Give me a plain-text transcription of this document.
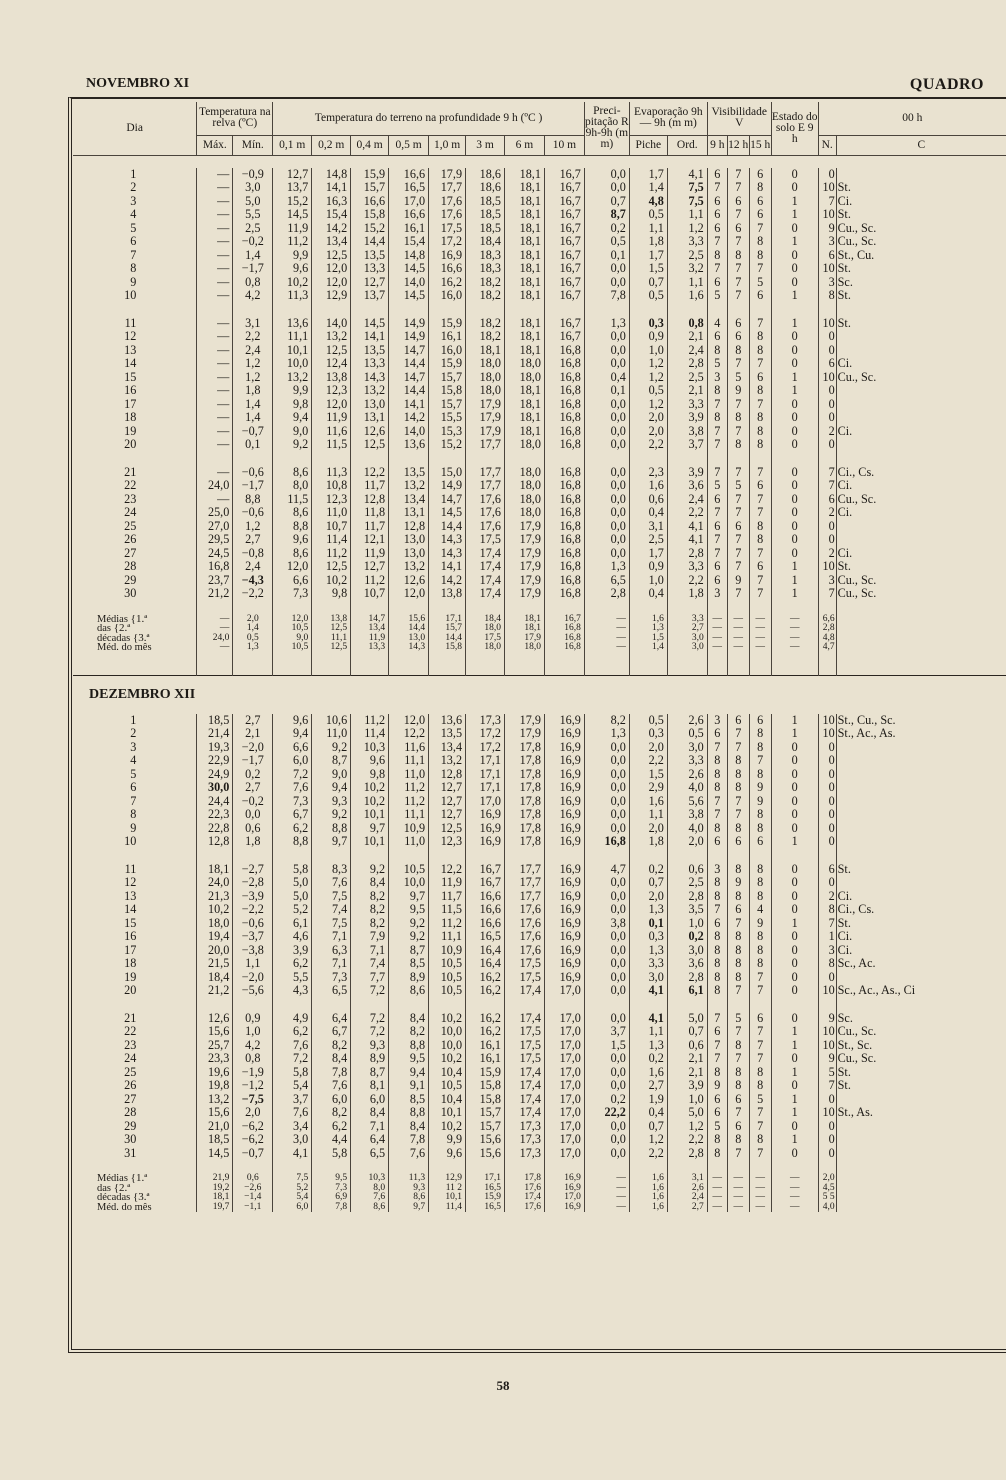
NOVEMBRO XI	QUADRO
Dia	Temperatura na relva (ºC)		Temperatura do terreno na profundidade 9 h (ºC )								Preci- pitação R 9h-9h (m m)	Evaporação 9h — 9h (m m)		Visibilidade V			Estado do solo E 9 h	00 h	
	Máx.	Mín.	0,1 m	0,2 m	0,4 m	0,5 m	1,0 m	3 m	6 m	10 m		Piche	Ord.	9 h	12 h	15 h		N.	C

1	—	−0,9	12,7	14,8	15,9	16,6	17,9	18,6	18,1	16,7	0,0	1,7	4,1	6	7	6	0	0	
2	—	3,0	13,7	14,1	15,7	16,5	17,7	18,6	18,1	16,7	0,0	1,4	7,5	7	7	8	0	10	St.
3	—	5,0	15,2	16,3	16,6	17,0	17,6	18,5	18,1	16,7	0,7	4,8	7,5	6	6	6	1	7	Ci.
4	—	5,5	14,5	15,4	15,8	16,6	17,6	18,5	18,1	16,7	8,7	0,5	1,1	6	7	6	1	10	St.
5	—	2,5	11,9	14,2	15,2	16,1	17,5	18,5	18,1	16,7	0,2	1,1	1,2	6	6	7	0	9	Cu., Sc.
6	—	−0,2	11,2	13,4	14,4	15,4	17,2	18,4	18,1	16,7	0,5	1,8	3,3	7	7	8	1	3	Cu., Sc.
7	—	1,4	9,9	12,5	13,5	14,8	16,9	18,3	18,1	16,7	0,1	1,7	2,5	8	8	8	0	6	St., Cu.
8	—	−1,7	9,6	12,0	13,3	14,5	16,6	18,3	18,1	16,7	0,0	1,5	3,2	7	7	7	0	10	St.
9	—	0,8	10,2	12,0	12,7	14,0	16,2	18,2	18,1	16,7	0,0	0,7	1,1	6	7	5	0	3	Sc.
10	—	4,2	11,3	12,9	13,7	14,5	16,0	18,2	18,1	16,7	7,8	0,5	1,6	5	7	6	1	8	St.

11	—	3,1	13,6	14,0	14,5	14,9	15,9	18,2	18,1	16,7	1,3	0,3	0,8	4	6	7	1	10	St.
12	—	2,2	11,1	13,2	14,1	14,9	16,1	18,2	18,1	16,7	0,0	0,9	2,1	6	6	8	0	0	
13	—	2,4	10,1	12,5	13,5	14,7	16,0	18,1	18,1	16,8	0,0	1,0	2,4	8	8	8	0	0	
14	—	1,2	10,0	12,4	13,3	14,4	15,9	18,0	18,0	16,8	0,0	1,2	2,8	5	7	7	0	6	Ci.
15	—	1,2	13,2	13,8	14,3	14,7	15,7	18,0	18,0	16,8	0,4	1,2	2,5	3	5	6	1	10	Cu., Sc.
16	—	1,8	9,9	12,3	13,2	14,4	15,8	18,0	18,1	16,8	0,1	0,5	2,1	8	9	8	1	0	
17	—	1,4	9,8	12,0	13,0	14,1	15,7	17,9	18,1	16,8	0,0	1,2	3,3	7	7	7	0	0	
18	—	1,4	9,4	11,9	13,1	14,2	15,5	17,9	18,1	16,8	0,0	2,0	3,9	8	8	8	0	0	
19	—	−0,7	9,0	11,6	12,6	14,0	15,3	17,9	18,1	16,8	0,0	2,0	3,8	7	7	8	0	2	Ci.
20	—	0,1	9,2	11,5	12,5	13,6	15,2	17,7	18,0	16,8	0,0	2,2	3,7	7	8	8	0	0	

21	—	−0,6	8,6	11,3	12,2	13,5	15,0	17,7	18,0	16,8	0,0	2,3	3,9	7	7	7	0	7	Ci., Cs.
22	24,0	−1,7	8,0	10,8	11,7	13,2	14,9	17,7	18,0	16,8	0,0	1,6	3,6	5	5	6	0	7	Ci.
23	—	8,8	11,5	12,3	12,8	13,4	14,7	17,6	18,0	16,8	0,0	0,6	2,4	6	7	7	0	6	Cu., Sc.
24	25,0	−0,6	8,6	11,0	11,8	13,1	14,5	17,6	18,0	16,8	0,0	0,4	2,2	7	7	7	0	2	Ci.
25	27,0	1,2	8,8	10,7	11,7	12,8	14,4	17,6	17,9	16,8	0,0	3,1	4,1	6	6	8	0	0	
26	29,5	2,7	9,6	11,4	12,1	13,0	14,3	17,5	17,9	16,8	0,0	2,5	4,1	7	7	8	0	0	
27	24,5	−0,8	8,6	11,2	11,9	13,0	14,3	17,4	17,9	16,8	0,0	1,7	2,8	7	7	7	0	2	Ci.
28	16,8	2,4	12,0	12,5	12,7	13,2	14,1	17,4	17,9	16,8	1,3	0,9	3,3	6	7	6	1	10	St.
29	23,7	−4,3	6,6	10,2	11,2	12,6	14,2	17,4	17,9	16,8	6,5	1,0	2,2	6	9	7	1	3	Cu., Sc.
30	21,2	−2,2	7,3	9,8	10,7	12,0	13,8	17,4	17,9	16,8	2,8	0,4	1,8	3	7	7	1	7	Cu., Sc.

Médias {1.ª	—	2,0	12,0	13,8	14,7	15,6	17,1	18,4	18,1	16,7	—	1,6	3,3	—	—	—	—	6,6	
das {2.ª	—	1,4	10,5	12,5	13,4	14,4	15,7	18,0	18,1	16,8	—	1,3	2,7	—	—	—	—	2,8	
décadas {3.ª	24,0	0,5	9,0	11,1	11,9	13,0	14,4	17,5	17,9	16,8	—	1,5	3,0	—	—	—	—	4,8	
Méd. do mês	—	1,3	10,5	12,5	13,3	14,3	15,8	18,0	18,0	16,8	—	1,4	3,0	—	—	—	—	4,7	

DEZEMBRO XII																			
1	18,5	2,7	9,6	10,6	11,2	12,0	13,6	17,3	17,9	16,9	8,2	0,5	2,6	3	6	6	1	10	St., Cu., Sc.
2	21,4	2,1	9,4	11,0	11,4	12,2	13,5	17,2	17,9	16,9	1,3	0,3	0,5	6	7	8	1	10	St., Ac., As.
3	19,3	−2,0	6,6	9,2	10,3	11,6	13,4	17,2	17,8	16,9	0,0	2,0	3,0	7	7	8	0	0	
4	22,9	−1,7	6,0	8,7	9,6	11,1	13,2	17,1	17,8	16,9	0,0	2,2	3,3	8	8	7	0	0	
5	24,9	0,2	7,2	9,0	9,8	11,0	12,8	17,1	17,8	16,9	0,0	1,5	2,6	8	8	8	0	0	
6	30,0	2,7	7,6	9,4	10,2	11,2	12,7	17,1	17,8	16,9	0,0	2,9	4,0	8	8	9	0	0	
7	24,4	−0,2	7,3	9,3	10,2	11,2	12,7	17,0	17,8	16,9	0,0	1,6	5,6	7	7	9	0	0	
8	22,3	0,0	6,7	9,2	10,1	11,1	12,7	16,9	17,8	16,9	0,0	1,1	3,8	7	7	8	0	0	
9	22,8	0,6	6,2	8,8	9,7	10,9	12,5	16,9	17,8	16,9	0,0	2,0	4,0	8	8	8	0	0	
10	12,8	1,8	8,8	9,7	10,1	11,0	12,3	16,9	17,8	16,9	16,8	1,8	2,0	6	6	6	1	0	

11	18,1	−2,7	5,8	8,3	9,2	10,5	12,2	16,7	17,7	16,9	4,7	0,2	0,6	3	8	8	0	6	St.
12	24,0	−2,8	5,0	7,6	8,4	10,0	11,9	16,7	17,7	16,9	0,0	0,7	2,5	8	9	8	0	0	
13	21,3	−3,9	5,0	7,5	8,2	9,7	11,7	16,6	17,7	16,9	0,0	2,0	2,8	8	8	8	0	2	Ci.
14	10,2	−2,2	5,2	7,4	8,2	9,5	11,5	16,6	17,6	16,9	0,0	1,3	3,5	7	6	4	0	8	Ci., Cs.
15	18,0	−0,6	6,1	7,5	8,2	9,2	11,2	16,6	17,6	16,9	3,8	0,1	1,0	6	7	9	1	7	St.
16	19,4	−3,7	4,6	7,1	7,9	9,2	11,1	16,5	17,6	16,9	0,0	0,3	0,2	8	8	8	0	1	Ci.
17	20,0	−3,8	3,9	6,3	7,1	8,7	10,9	16,4	17,6	16,9	0,0	1,3	3,0	8	8	8	0	3	Ci.
18	21,5	1,1	6,2	7,1	7,4	8,5	10,5	16,4	17,5	16,9	0,0	3,3	3,6	8	8	8	0	8	Sc., Ac.
19	18,4	−2,0	5,5	7,3	7,7	8,9	10,5	16,2	17,5	16,9	0,0	3,0	2,8	8	8	7	0	0	
20	21,2	−5,6	4,3	6,5	7,2	8,6	10,5	16,2	17,4	17,0	0,0	4,1	6,1	8	7	7	0	10	Sc., Ac., As., Ci

21	12,6	0,9	4,9	6,4	7,2	8,4	10,2	16,2	17,4	17,0	0,0	4,1	5,0	7	5	6	0	9	Sc.
22	15,6	1,0	6,2	6,7	7,2	8,2	10,0	16,2	17,5	17,0	3,7	1,1	0,7	6	7	7	1	10	Cu., Sc.
23	25,7	4,2	7,6	8,2	9,3	8,8	10,0	16,1	17,5	17,0	1,5	1,3	0,6	7	8	7	1	10	St., Sc.
24	23,3	0,8	7,2	8,4	8,9	9,5	10,2	16,1	17,5	17,0	0,0	0,2	2,1	7	7	7	0	9	Cu., Sc.
25	19,6	−1,9	5,8	7,8	8,7	9,4	10,4	15,9	17,4	17,0	0,0	1,6	2,1	8	8	8	1	5	St.
26	19,8	−1,2	5,4	7,6	8,1	9,1	10,5	15,8	17,4	17,0	0,0	2,7	3,9	9	8	8	0	7	St.
27	13,2	−7,5	3,7	6,0	6,0	8,5	10,4	15,8	17,4	17,0	0,2	1,9	1,0	6	6	5	1	0	
28	15,6	2,0	7,6	8,2	8,4	8,8	10,1	15,7	17,4	17,0	22,2	0,4	5,0	6	7	7	1	10	St., As.
29	21,0	−6,2	3,4	6,2	7,1	8,4	10,2	15,7	17,3	17,0	0,0	0,7	1,2	5	6	7	0	0	
30	18,5	−6,2	3,0	4,4	6,4	7,8	9,9	15,6	17,3	17,0	0,0	1,2	2,2	8	8	8	1	0	
31	14,5	−0,7	4,1	5,8	6,5	7,6	9,6	15,6	17,3	17,0	0,0	2,2	2,8	8	7	7	0	0	

Médias {1.ª	21,9	0,6	7,5	9,5	10,3	11,3	12,9	17,1	17,8	16,9	—	1,6	3,1	—	—	—	—	2,0	
das {2.ª	19,2	−2,6	5,2	7,3	8,0	9,3	11 2	16,5	17,6	16,9	—	1,6	2,6	—	—	—	—	4,5	
décadas {3.ª	18,1	−1,4	5,4	6,9	7,6	8,6	10,1	15,9	17,4	17,0	—	1,6	2,4	—	—	—	—	5 5	
Méd. do mês	19,7	−1,1	6,0	7,8	8,6	9,7	11,4	16,5	17,6	16,9	—	1,6	2,7	—	—	—	—	4,0	
58
